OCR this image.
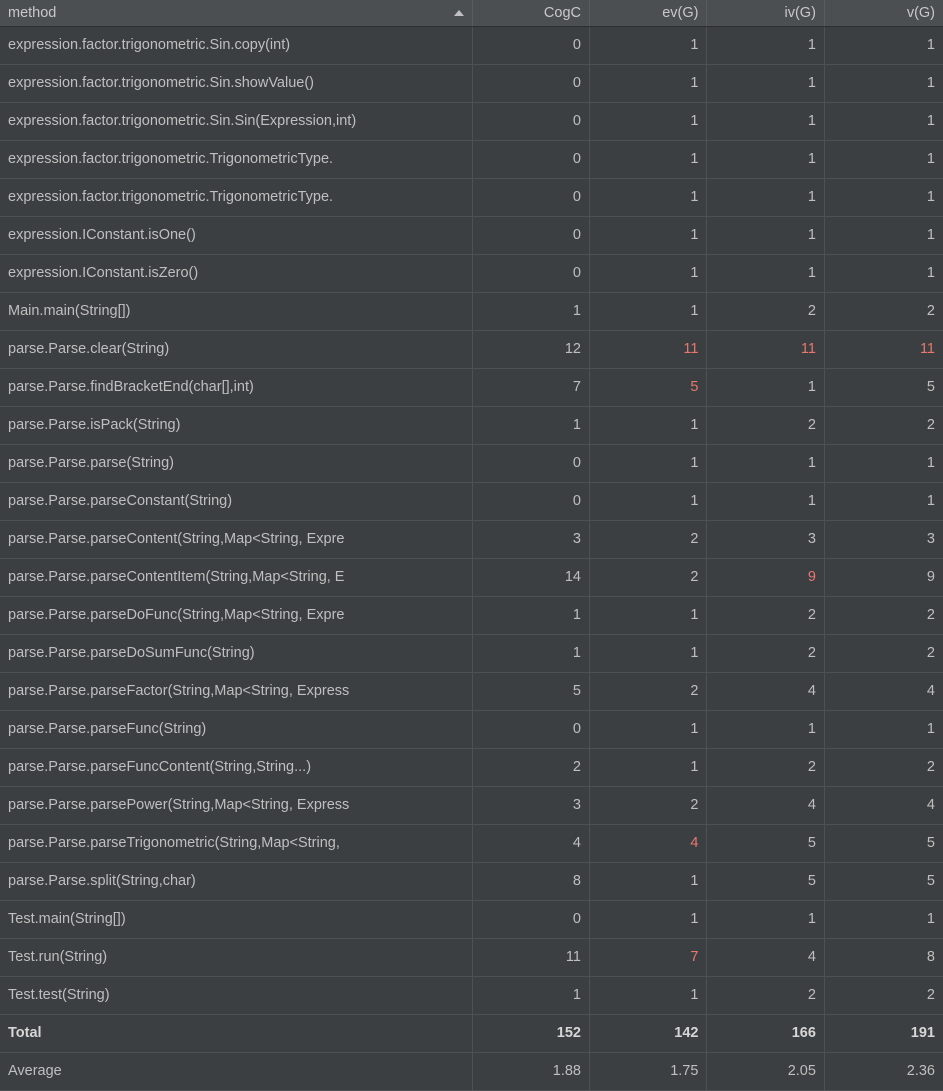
method	CogC	ev(G)	iv(G)	v(G)
expression.factor.trigonometric.Sin.copy(int)	0	1	1	1

expression.factor.trigonometric.Sin.showValue()	0	1	1	1

expression.factor.trigonometric.Sin.Sin(Expression,int)	0	1	1	1

expression.factor.trigonometric.TrigonometricType.	0	1	1	1

expression.factor.trigonometric.TrigonometricType.	0	1	1	1

expression.IConstant.isOne()	0	1	1	1

expression.IConstant.isZero()	0	1	1	1

Main.main(String[])	1	1	2	2

parse.Parse.clear(String)	12	11	11	11

parse.Parse.findBracketEnd(char[],int)	7	5	1	5

parse.Parse.isPack(String)	1	1	2	2

parse.Parse.parse(String)	0	1	1	1

parse.Parse.parseConstant(String)	0	1	1	1

parse.Parse.parseContent(String,Map<String, Expre	3	2	3	3

parse.Parse.parseContentItem(String,Map<String, E	14	2	9	9

parse.Parse.parseDoFunc(String,Map<String, Expre	1	1	2	2

parse.Parse.parseDoSumFunc(String)	1	1	2	2

parse.Parse.parseFactor(String,Map<String, Express	5	2	4	4

parse.Parse.parseFunc(String)	0	1	1	1

parse.Parse.parseFuncContent(String,String...)	2	1	2	2

parse.Parse.parsePower(String,Map<String, Express	3	2	4	4

parse.Parse.parseTrigonometric(String,Map<String,	4	4	5	5

parse.Parse.split(String,char)	8	1	5	5

Test.main(String[])	0	1	1	1

Test.run(String)	11	7	4	8

Test.test(String)	1	1	2	2

Total	152	142	166	191

Average	1.88	1.75	2.05	2.36
